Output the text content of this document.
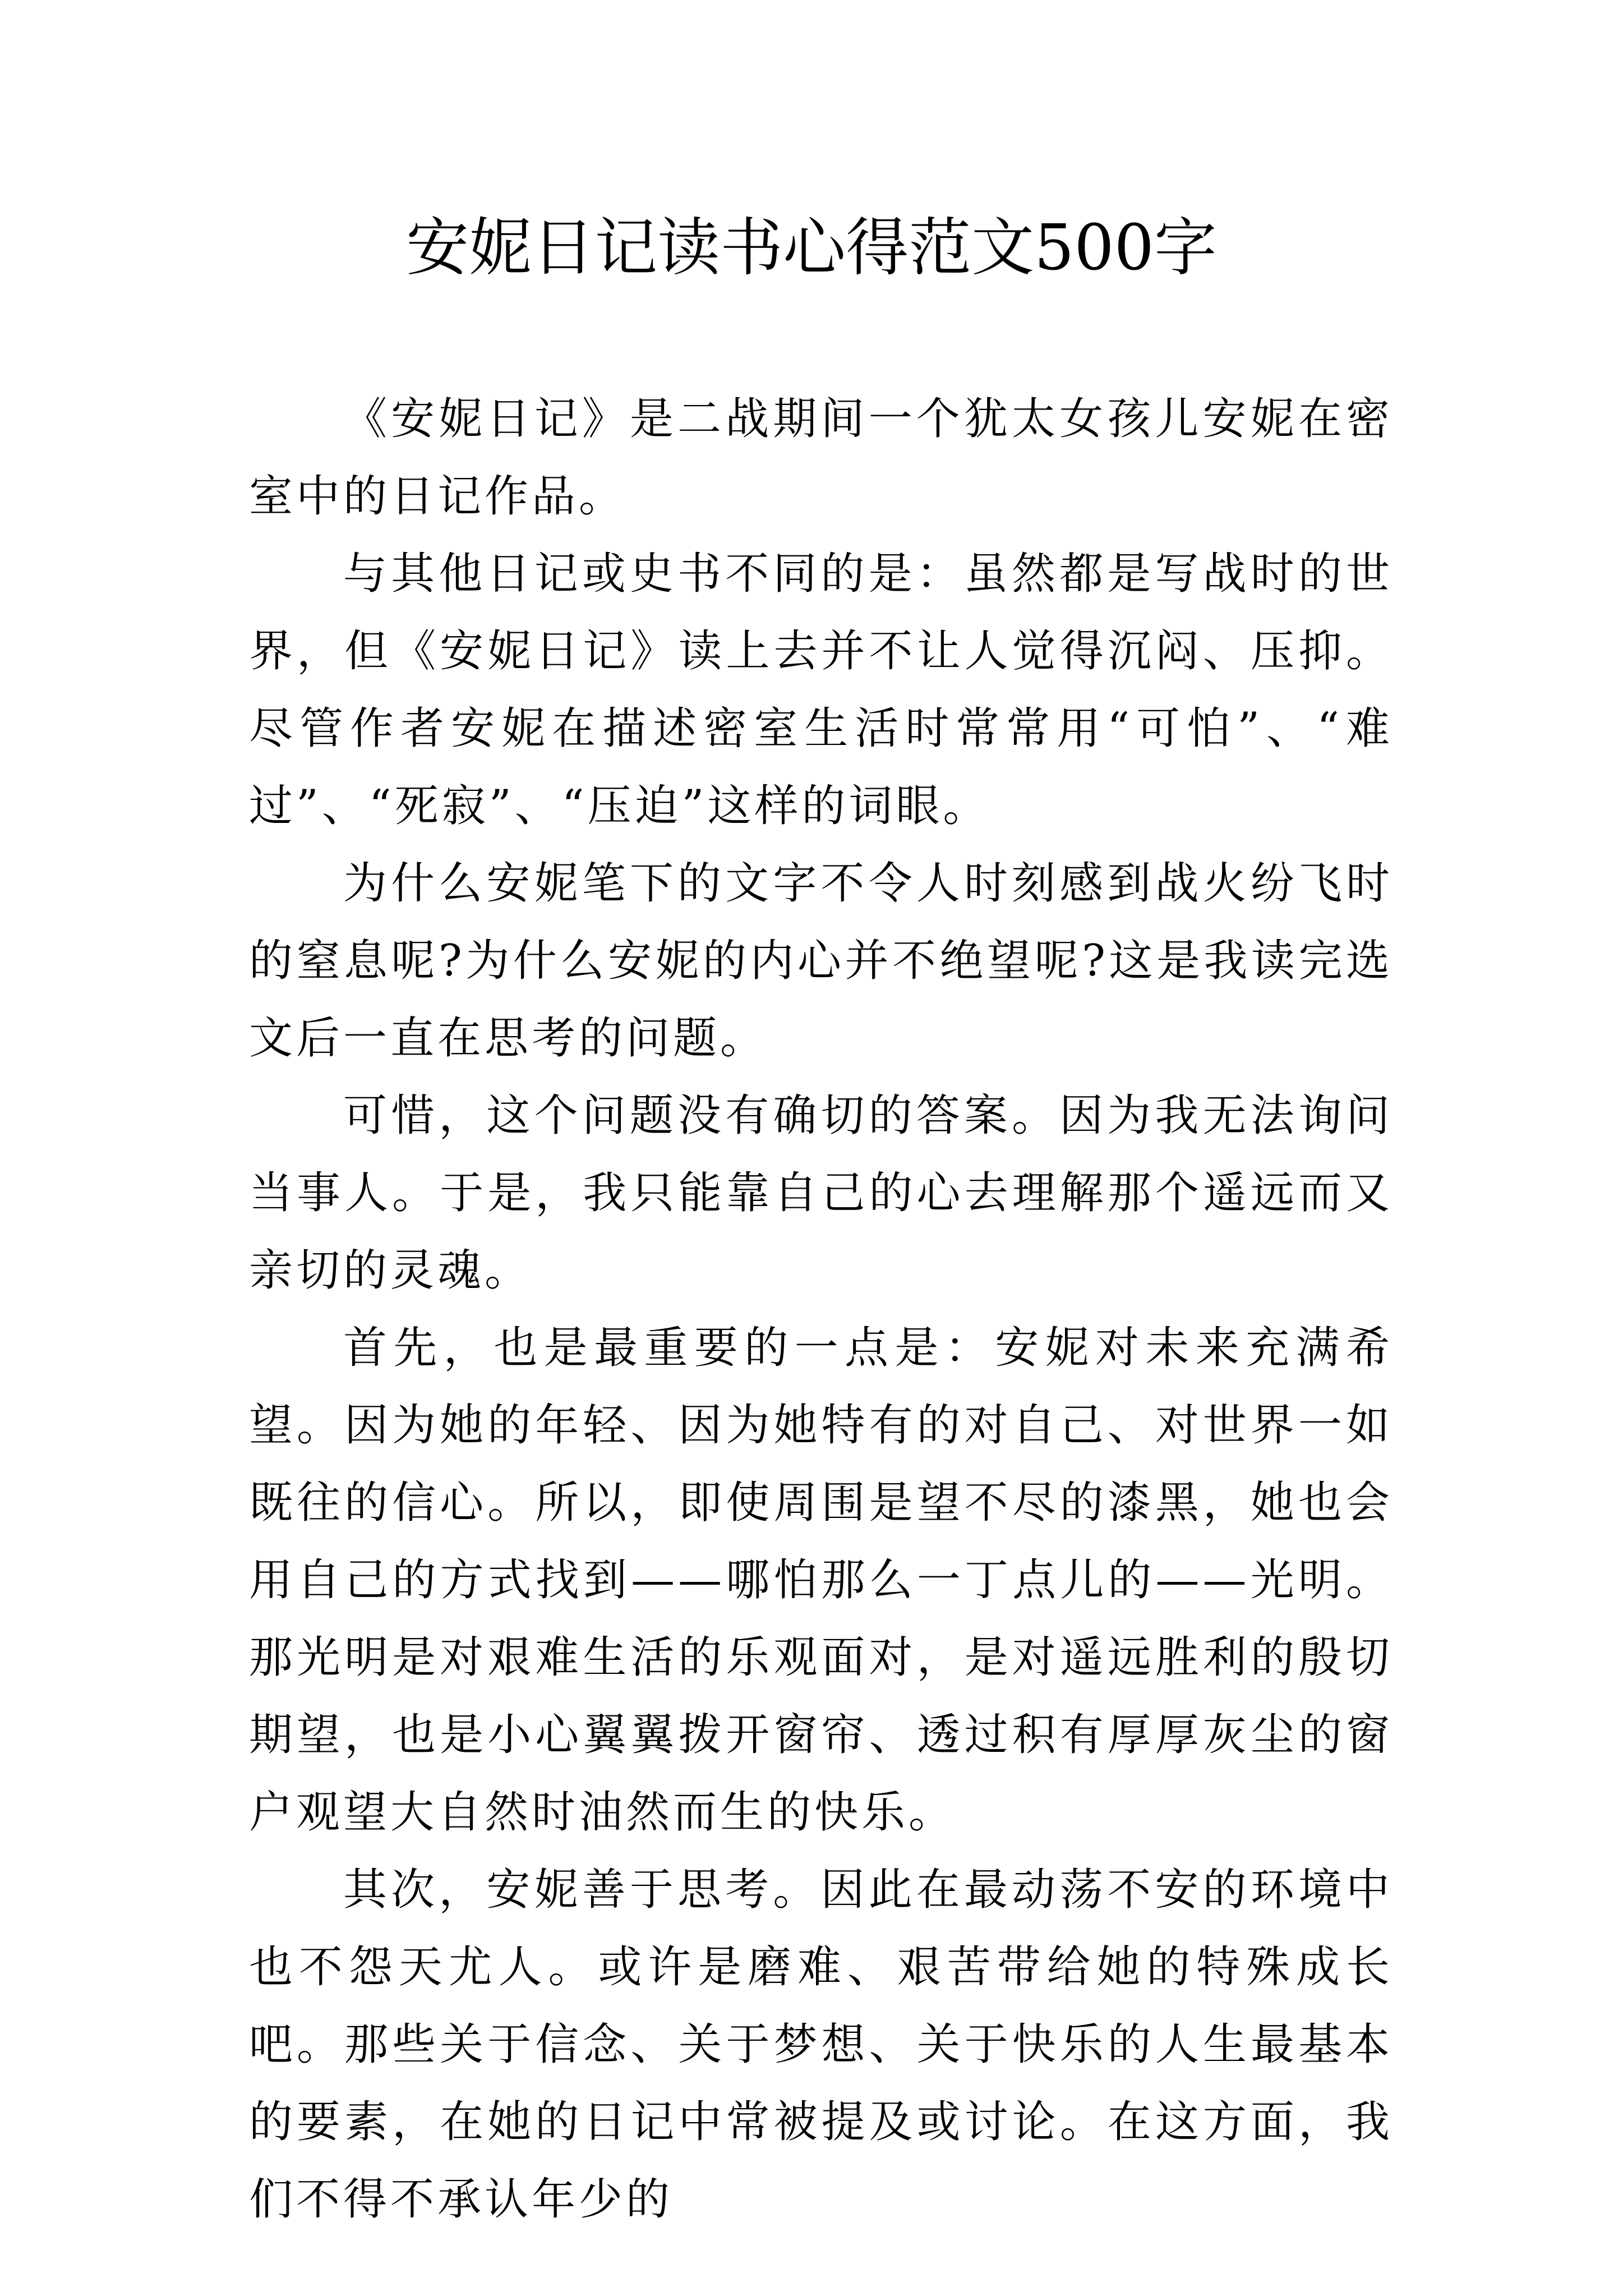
安妮日记读书心得范文500字

《安妮日记》是二战期间一个犹太女孩儿安妮在密室中的日记作品。

与其他日记或史书不同的是：虽然都是写战时的世界，但《安妮日记》读上去并不让人觉得沉闷、压抑。尽管作者安妮在描述密室生活时常常用“可怕”、“难过”、“死寂”、“压迫”这样的词眼。

为什么安妮笔下的文字不令人时刻感到战火纷飞时的窒息呢?为什么安妮的内心并不绝望呢?这是我读完选文后一直在思考的问题。

可惜，这个问题没有确切的答案。因为我无法询问当事人。于是，我只能靠自己的心去理解那个遥远而又亲切的灵魂。

首先，也是最重要的一点是：安妮对未来充满希望。因为她的年轻、因为她特有的对自己、对世界一如既往的信心。所以，即使周围是望不尽的漆黑，她也会用自己的方式找到——哪怕那么一丁点儿的——光明。那光明是对艰难生活的乐观面对，是对遥远胜利的殷切期望，也是小心翼翼拨开窗帘、透过积有厚厚灰尘的窗户观望大自然时油然而生的快乐。

其次，安妮善于思考。因此在最动荡不安的环境中也不怨天尤人。或许是磨难、艰苦带给她的特殊成长吧。那些关于信念、关于梦想、关于快乐的人生最基本的要素，在她的日记中常被提及或讨论。在这方面，我们不得不承认年少的
